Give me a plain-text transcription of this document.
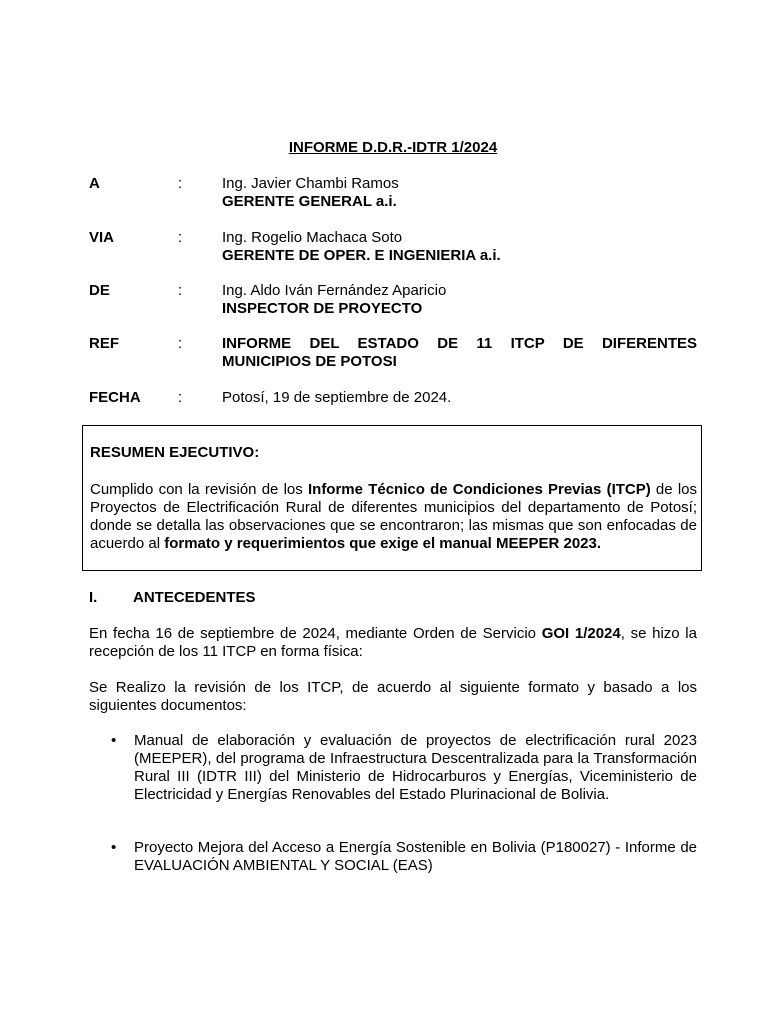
INFORME D.D.R.-IDTR 1/2024
A	:	Ing. Javier Chambi Ramos
GERENTE GENERAL a.i.
VIA	:	Ing. Rogelio Machaca Soto
GERENTE DE OPER. E INGENIERIA a.i.
DE	:	Ing. Aldo Iván Fernández Aparicio
INSPECTOR DE PROYECTO
REF	:	INFORME DEL ESTADO DE 11 ITCP DE DIFERENTES
MUNICIPIOS DE POTOSI
FECHA :	Potosí, 19 de septiembre de 2024.
RESUMEN EJECUTIVO:
Cumplido con la revisión de los Informe Técnico de Condiciones Previas (ITCP) de los Proyectos de Electrificación Rural de diferentes municipios del departamento de Potosí; donde se detalla las observaciones que se encontraron; las mismas que son enfocadas de acuerdo al formato y requerimientos que exige el manual MEEPER 2023.
I. ANTECEDENTES
En fecha 16 de septiembre de 2024, mediante Orden de Servicio GOI 1/2024, se hizo la recepción de los 11 ITCP en forma física:
Se Realizo la revisión de los ITCP, de acuerdo al siguiente formato y basado a los siguientes documentos:
• Manual de elaboración y evaluación de proyectos de electrificación rural 2023 (MEEPER), del programa de Infraestructura Descentralizada para la Transformación Rural III (IDTR III) del Ministerio de Hidrocarburos y Energías, Viceministerio de Electricidad y Energías Renovables del Estado Plurinacional de Bolivia.
• Proyecto Mejora del Acceso a Energía Sostenible en Bolivia (P180027) - Informe de EVALUACIÓN AMBIENTAL Y SOCIAL (EAS)
